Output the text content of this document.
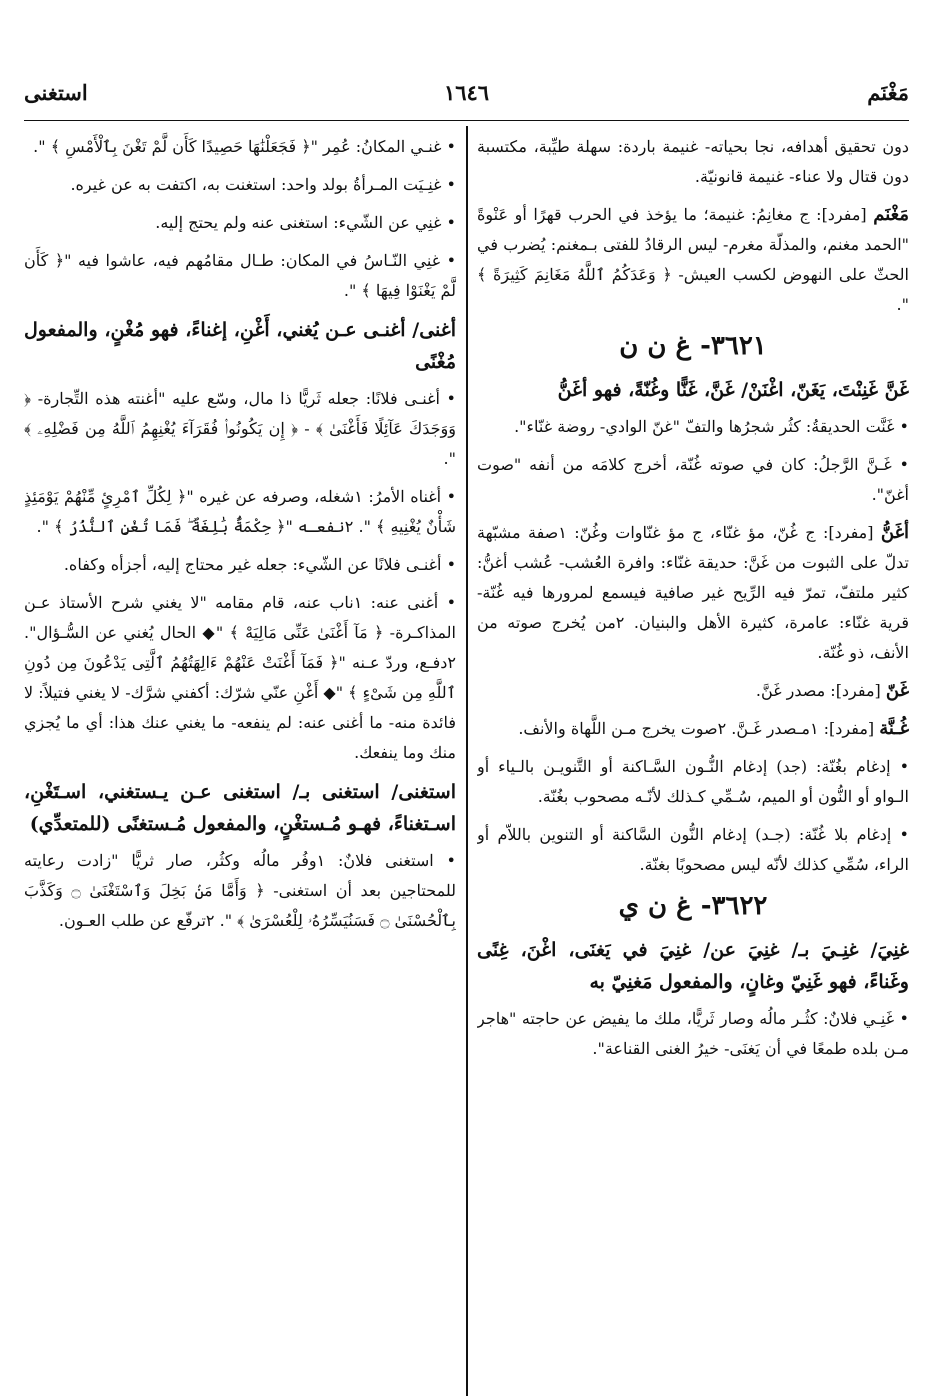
مَغْنَم
١٦٤٦
استغنى

دون تحقيق أهدافه، نجا بحياته- غنيمة باردة: سهلة طيِّبة، مكتسبة دون قتال ولا عناء- غنيمة قانونيّة.

مَغْنَم [مفرد]: ج مغانِمُ: غنيمة؛ ما يؤخذ في الحرب قهرًا أو عَنْوةً "الحمد مغنم، والمذلّة مغرم- ليس الرقادُ للفتى بـمغنم: يُضرب في الحثّ على النهوض لكسب العيش- ﴿ وَعَدَكُمُ ٱللَّهُ مَغَانِمَ كَثِيرَةً ﴾ ".

٣٦٢١- غ ن ن

غَنَّ غَنِنْتَ، يَغَنّ، اغْنَنْ/ غَنَّ، غَنًّا وغُنّةً، فهو أغَنُّ

• غَنَّت الحديقةُ: كثُر شجرُها والتفّ "غنّ الوادي- روضة غنّاء".

• غَـنَّ الرَّجلُ: كان في صوته غُنّة، أخرج كلامَه من أنفه "صوت أغنّ".

أغَنُّ [مفرد]: ج غُنّ، مؤ غنّاء، ج مؤ غنّاوات وغُنّ: ١صفة مشبّهة تدلّ على الثبوت من غَنَّ: حديقة غنّاء: وافرة العُشب- عُشب أغنُّ: كثير ملتفّ، تمرّ فيه الرِّيح غير صافية فيسمع لمرورها فيه غُنّة- قرية غنّاء: عامرة، كثيرة الأهل والبنيان. ٢من يُخرج صوته من الأنف، ذو غُنّة.

غَنّ [مفرد]: مصدر غَنَّ.

غُـنَّة [مفرد]: ١مـصدر غَـنَّ. ٢صوت يخرج مـن اللَّهاة والأنف.

• إدغام بغُنّة: (جد) إدغام النُّـون السَّـاكنة أو التَّنويـن بالـياء أو الـواو أو النُّون أو الميم، سُـمِّي كـذلك لأنّـه مصحوب بغُنّة.

• إدغام بلا غُنّة: (جـد) إدغام النُّون السَّاكنة أو التنوين باللاّم أو الراء، سُمِّي كذلك لأنّه ليس مصحوبًا بغنّة.

٣٦٢٢- غ ن ي

غنِيَ/ غنِـيَ بـ/ غنِيَ عن/ غنِيَ في يَغنَى، اغْنَ، غِنًى وغَناءً، فهو غَنِيّ وغانٍ، والمفعول مَغنِيّ به

• غَنِـي فلانٌ: كثُـر مالُه وصار ثَريًّا، ملك ما يفيض عن حاجته "هاجر مـن بلده طمعًا في أن يَغنَى- خيرُ الغنى القناعة".

• غنـي المكانُ: عُمِر "﴿ فَجَعَلْنَٰهَا حَصِيدًا كَأَن لَّمْ تَغْنَ بِٱلْأَمْسِ ﴾ ".

• غنِـيَت المـرأةُ بولد واحد: استغنت به، اكتفت به عن غيره.

• غنِي عن الشّيء: استغنى عنه ولم يحتج إليه.

• غنِي النّـاسُ في المكان: طـال مقامُهم فيه، عاشوا فيه "﴿ كَأَن لَّمْ يَغْنَوْا فِيهَا ﴾ ".

أغنى/ أغنـى عـن يُغني، أَغْنِ، إغناءً، فهو مُغْنٍ، والمفعول مُغْنًى

• أغنـى فلانًا: جعله ثَريًّا ذا مال، وسّع عليه "أغنته هذه التِّجارة- ﴿ وَوَجَدَكَ عَآئِلًا فَأَغْنَىٰ ﴾ - ﴿ إِن يَكُونُوا۟ فُقَرَآءَ يُغْنِهِمُ ٱللَّهُ مِن فَضْلِهِۦ ﴾ ".

• أغناه الأمرُ: ١شغله، وصرفه عن غيره "﴿ لِكُلِّ ٱمْرِئٍ مِّنْهُمْ يَوْمَئِذٍ شَأْنٌ يُغْنِيهِ ﴾ ". ٢نفعـه "﴿ حِكْمَةٌۢ بَٰلِغَةٌ ۖ فَمَا تُغْنِ ٱلنُّذُرُ ﴾ ".

• أغنـى فلانًا عن الشّيء: جعله غير محتاج إليه، أجزأه وكفاه.

• أغنى عنه: ١ناب عنه، قام مقامه "لا يغني شرح الأستاذ عـن المذاكـرة- ﴿ مَآ أَغْنَىٰ عَنِّى مَالِيَهْ ﴾ "◆ الحال يُغني عن السُّـؤال". ٢دفـع، وردّ عـنه "﴿ فَمَآ أَغْنَتْ عَنْهُمْ ءَالِهَتُهُمُ ٱلَّتِى يَدْعُونَ مِن دُونِ ٱللَّهِ مِن شَىْءٍ ﴾ "◆ أَغْنِ عنّي شرّك: أكفني شرَّك- لا يغني فتيلاً: لا فائدة منه- ما أغنى عنه: لم ينفعه- ما يغني عنك هذا: أي ما يُجزي منك وما ينفعك.

استغنى/ استغنى بـ/ استغنى عـن يـستغني، اسـتَغْنِ، اسـتغناءً، فهـو مُـستغْنٍ، والمفعول مُـستغنًى (للمتعدِّي)

• استغنى فلانٌ: ١وفُر مالُه وكثُر، صار ثريًّا "زادت رعايته للمحتاجين بعد أن استغنى- ﴿ وَأَمَّا مَنۢ بَخِلَ وَٱسْتَغْنَىٰ ۝ وَكَذَّبَ بِٱلْحُسْنَىٰ ۝ فَسَنُيَسِّرُهُۥ لِلْعُسْرَىٰ ﴾ ". ٢ترفّع عن طلب العـون.
